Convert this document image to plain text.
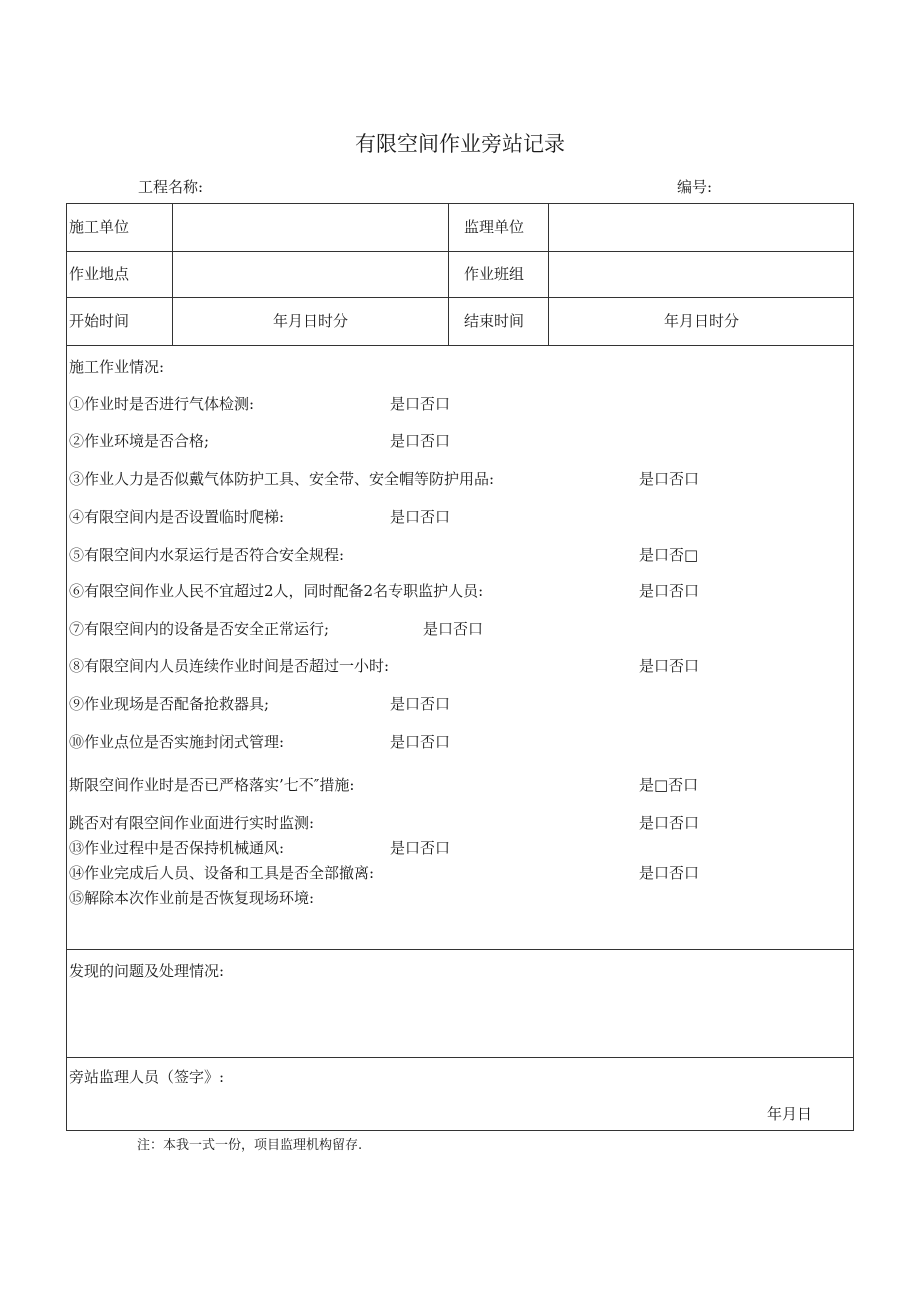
有限空间作业旁站记录
工程名称:	编号:
施工单位	监理单位
作业地点	作业班组
开始时间	年月日时分	结束时间	年月日时分
施工作业情况:
①作业时是否进行气体检测:	是口否口
②作业环境是否合格;	是口否口
③作业人力是否似戴气体防护工具、安全带、安全帽等防护用品:	是口否口
④有限空间内是否设置临时爬梯:	是口否口
⑤有限空间内水泵运行是否符合安全规程:	是口否□
⑥有限空间作业人民不宜超过2人，同时配备2名专职监护人员:	是口否口
⑦有限空间内的设备是否安全正常运行;	是口否口
⑧有限空间内人员连续作业时间是否超过一小时:	是口否口
⑨作业现场是否配备抢救器具;	是口否口
⑩作业点位是否实施封闭式管理:	是口否口
斯限空间作业时是否已严格落实’七不″措施:	是□否口
跳否对有限空间作业面进行实时监测:	是口否口
⑬作业过程中是否保持机械通风:	是口否口
⑭作业完成后人员、设备和工具是否全部撤离:	是口否口
⑮解除本次作业前是否恢复现场环境:
发现的问题及处理情况:
旁站监理人员（签字》:
年月日
注：本我一式一份，项目监理机构留存.
